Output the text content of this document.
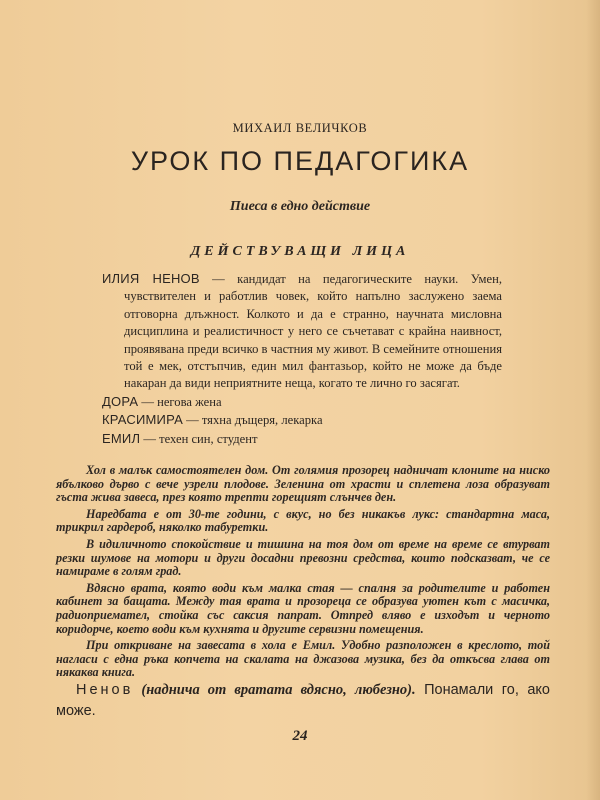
МИХАИЛ ВЕЛИЧКОВ
УРОК ПО ПЕДАГОГИКА
Пиеса в едно действие
ДЕЙСТВУВАЩИ ЛИЦА

ИЛИЯ НЕНОВ — кандидат на педагогическите науки. Умен, чувствителен и работлив човек, който напълно заслужено заема отговорна длъжност. Колкото и да е странно, научната мисловна дисциплина и реалистичност у него се съчетават с крайна наивност, проявявана преди всичко в частния му живот. В семейните отношения той е мек, отстъпчив, един мил фантазьор, който не може да бъде накаран да види неприятните неща, когато те лично го засягат.

ДОРА — негова жена

КРАСИМИРА — тяхна дъщеря, лекарка

ЕМИЛ — техен син, студент

Хол в малък самостоятелен дом. От голямия прозорец надничат клоните на ниско ябълково дърво с вече узрели плодове. Зеленина от храсти и сплетена лоза образуват гъста жива завеса, през която трепти горещият слънчев ден.

Наредбата е от 30-те години, с вкус, но без никакъв лукс: стандартна маса, трикрил гардероб, няколко табуретки.

В идиличното спокойствие и тишина на тоя дом от време на време се втурват резки шумове на мотори и други досадни превозни средства, които подсказват, че се намираме в голям град.

Вдясно врата, която води към малка стая — спалня за родителите и работен кабинет за бащата. Между тая врата и прозореца се образува уютен кът с масичка, радиоприемател, стойка със саксия папрат. Отпред вляво е изходът и черното коридорче, което води към кухнята и другите сервизни помещения.

При откриване на завесата в хола е Емил. Удобно разположен в креслото, той нагласи с една ръка копчета на скалата на джазова музика, без да откъсва глава от някаква книга.

Ненов (надничa от вратата вдясно, любезно). Понамали го, ако може.
24
